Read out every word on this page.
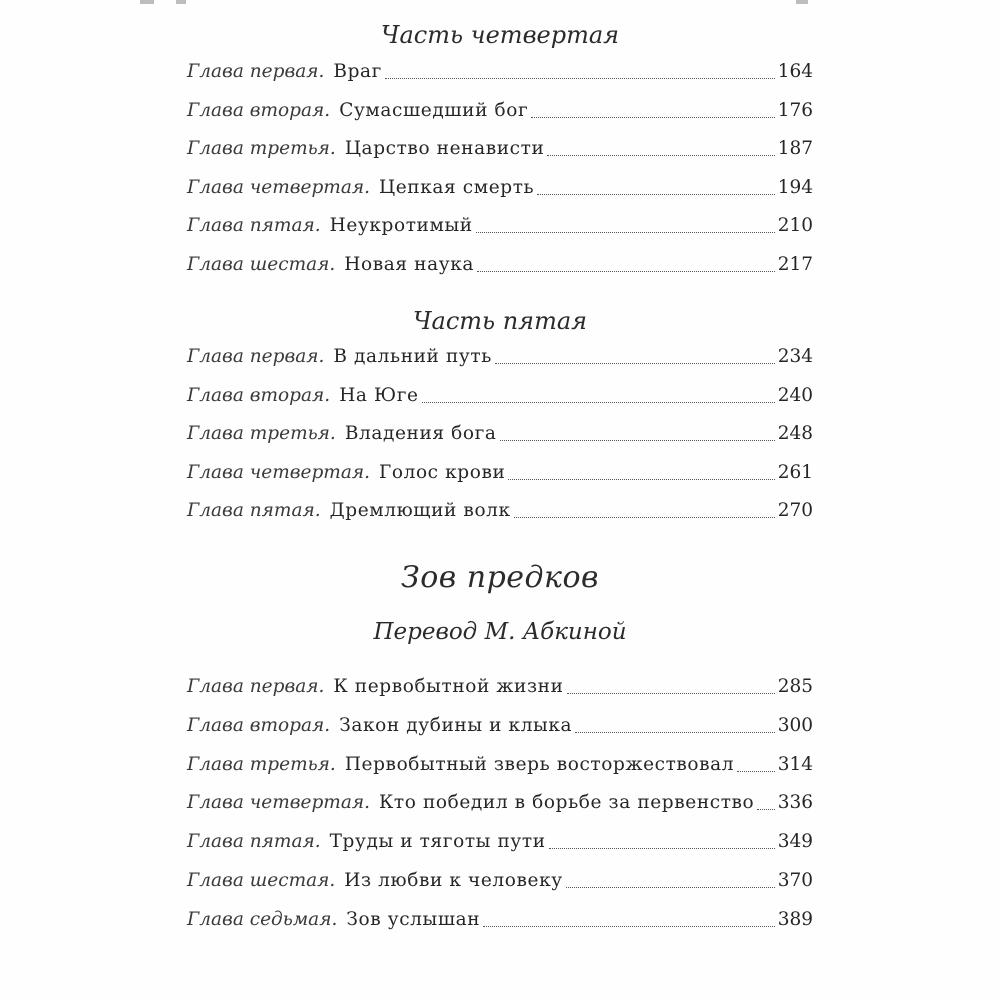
Часть четвертая
Глава первая. Враг	164
Глава вторая. Сумасшедший бог	176
Глава третья. Царство ненависти	187
Глава четвертая. Цепкая смерть	194
Глава пятая. Неукротимый	210
Глава шестая. Новая наука	217
Часть пятая
Глава первая. В дальний путь	234
Глава вторая. На Юге	240
Глава третья. Владения бога	248
Глава четвертая. Голос крови	261
Глава пятая. Дремлющий волк	270
Зов предков
Перевод М. Абкиной
Глава первая. К первобытной жизни	285
Глава вторая. Закон дубины и клыка	300
Глава третья. Первобытный зверь восторжествовал 314
Глава четвертая. Кто победил в борьбе за первенство 336
Глава пятая. Труды и тяготы пути	349
Глава шестая. Из любви к человеку	370
Глава седьмая. Зов услышан	389
